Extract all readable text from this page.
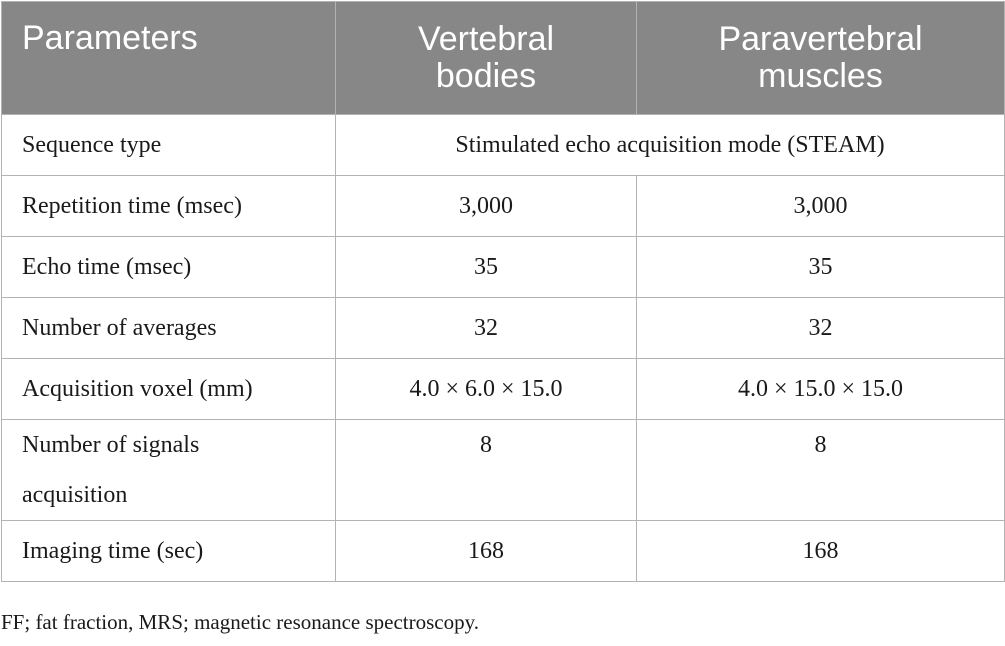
Parameters	Vertebral bodies	Paravertebral muscles

Sequence type	Stimulated echo acquisition mode (STEAM)	
Repetition time (msec)	3,000	3,000
Echo time (msec)	35	35
Number of averages	32	32
Acquisition voxel (mm)	4.0 × 6.0 × 15.0	4.0 × 15.0 × 15.0

Number of signals acquisition	8	8
Imaging time (sec)	168	168
FF; fat fraction, MRS; magnetic resonance spectroscopy.
